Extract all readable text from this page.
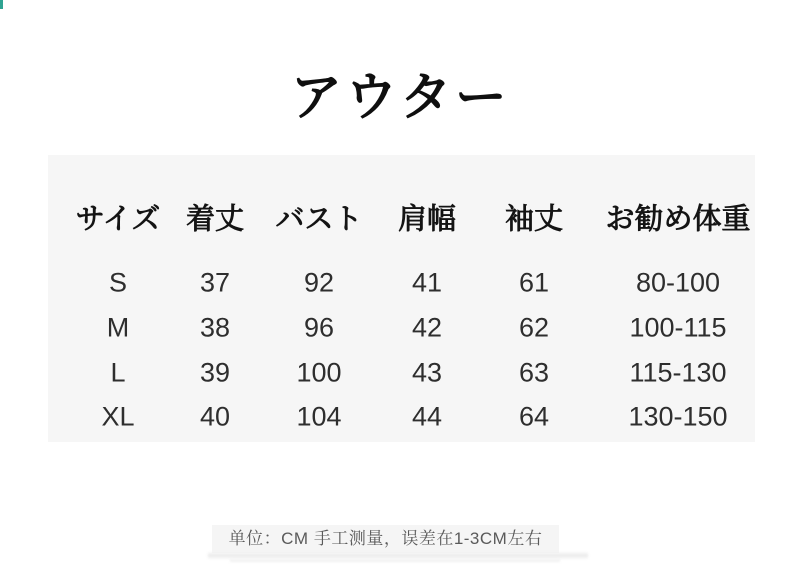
アウター
サイズ 着丈 バスト 肩幅 袖丈 お勧め体重
S	37	92	41	61	80-100
M	38	96	42	62	100-115
L	39 100	43	63	115-130
XL 40 104	44	64	130-150
单位：CM 手工测量，误差在1-3CM左右
